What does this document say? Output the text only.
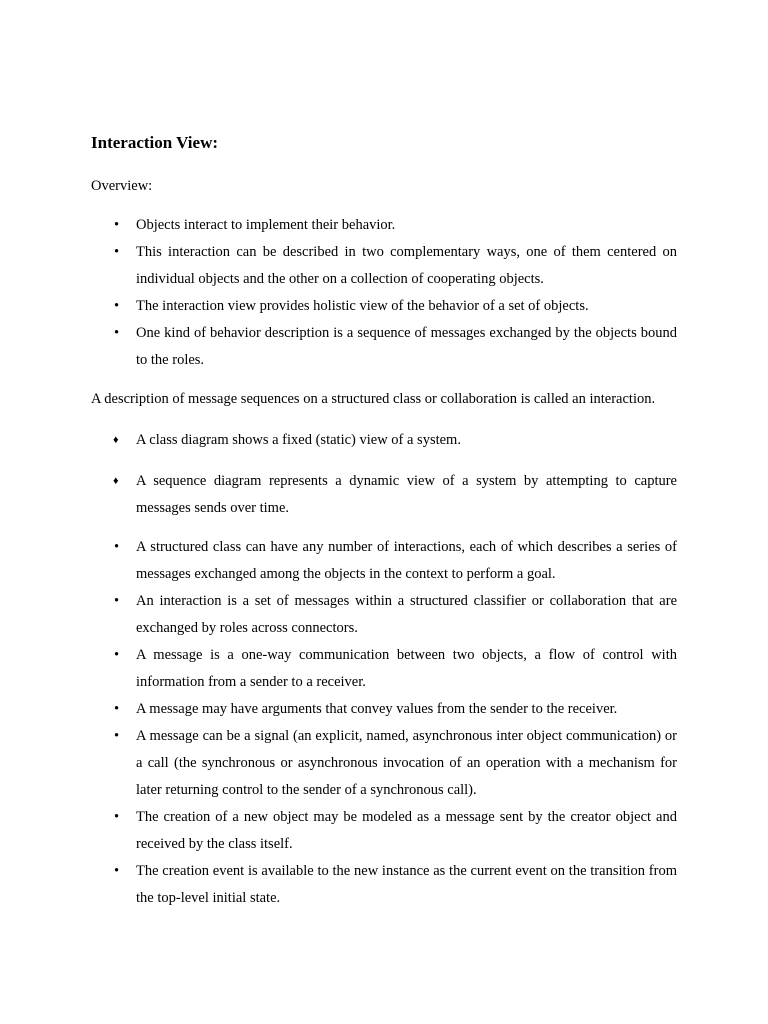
Interaction View:

Overview:

•	Objects interact to implement their behavior.
•	This interaction can be described in two complementary ways, one of them centered on individual objects and the other on a collection of cooperating objects.
•	The interaction view provides holistic view of the behavior of a set of objects.
•	One kind of behavior description is a sequence of messages exchanged by the objects bound to the roles.

A description of message sequences on a structured class or collaboration is called an interaction.

♦	A class diagram shows a fixed (static) view of a system.
♦	A sequence diagram represents a dynamic view of a system by attempting to capture messages sends over time.
•	A structured class can have any number of interactions, each of which describes a series of messages exchanged among the objects in the context to perform a goal.
•	An interaction is a set of messages within a structured classifier or collaboration that are exchanged by roles across connectors.
•	A message is a one-way communication between two objects, a flow of control with information from a sender to a receiver.
•	A message may have arguments that convey values from the sender to the receiver.
•	A message can be a signal (an explicit, named, asynchronous inter object communication) or a call (the synchronous or asynchronous invocation of an operation with a mechanism for later returning control to the sender of a synchronous call).
•	The creation of a new object may be modeled as a message sent by the creator object and received by the class itself.
•	The creation event is available to the new instance as the current event on the transition from the top-level initial state.
